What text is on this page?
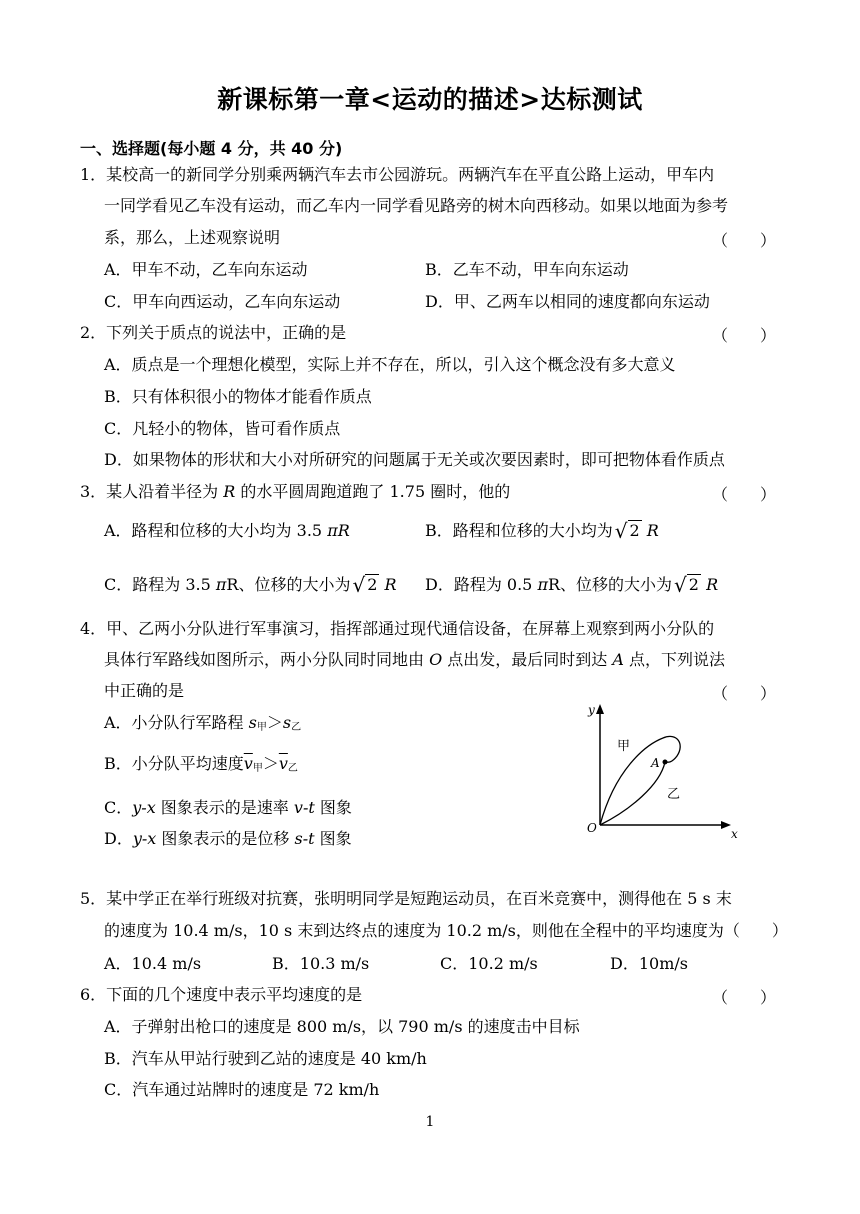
新课标第一章<运动的描述>达标测试
一、选择题(每小题 4 分，共 40 分)
1．某校高一的新同学分别乘两辆汽车去市公园游玩。两辆汽车在平直公路上运动，甲车内
一同学看见乙车没有运动，而乙车内一同学看见路旁的树木向西移动。如果以地面为参考
系，那么，上述观察说明	（　　）
A．甲车不动，乙车向东运动	B．乙车不动，甲车向东运动
C．甲车向西运动，乙车向东运动	D．甲、乙两车以相同的速度都向东运动
2．下列关于质点的说法中，正确的是	（　　）
A．质点是一个理想化模型，实际上并不存在，所以，引入这个概念没有多大意义
B．只有体积很小的物体才能看作质点
C．凡轻小的物体，皆可看作质点
D．如果物体的形状和大小对所研究的问题属于无关或次要因素时，即可把物体看作质点
3．某人沿着半径为 R 的水平圆周跑道跑了 1.75 圈时，他的	（　　）
A．路程和位移的大小均为 3.5 πR	B．路程和位移的大小均为 √ 2 R
C．路程为 3.5 πR、位移的大小为 √ 2 R D．路程为 0.5 πR、位移的大小为 √ 2 R
4．甲、乙两小分队进行军事演习，指挥部通过现代通信设备，在屏幕上观察到两小分队的
具体行军路线如图所示，两小分队同时同地由 O 点出发，最后同时到达 A 点，下列说法
中正确的是	（　　）
A．小分队行军路程 $s_甲>s_乙$
B．小分队平均速度$\overline{v}_甲>\overline{v}_乙$
C．y-x 图象表示的是速率 v-t 图象
D．y-x 图象表示的是位移 s-t 图象
y
x
O
A
甲
乙
5．某中学正在举行班级对抗赛，张明明同学是短跑运动员，在百米竞赛中，测得他在 5 s 末
的速度为 10.4 m/s，10 s 末到达终点的速度为 10.2 m/s，则他在全程中的平均速度为（　　）
A．10.4 m/s	B．10.3 m/s	C．10.2 m/s	D．10m/s
6．下面的几个速度中表示平均速度的是	（　　）
A．子弹射出枪口的速度是 800 m/s，以 790 m/s 的速度击中目标
B．汽车从甲站行驶到乙站的速度是 40 km/h
C．汽车通过站牌时的速度是 72 km/h
1
